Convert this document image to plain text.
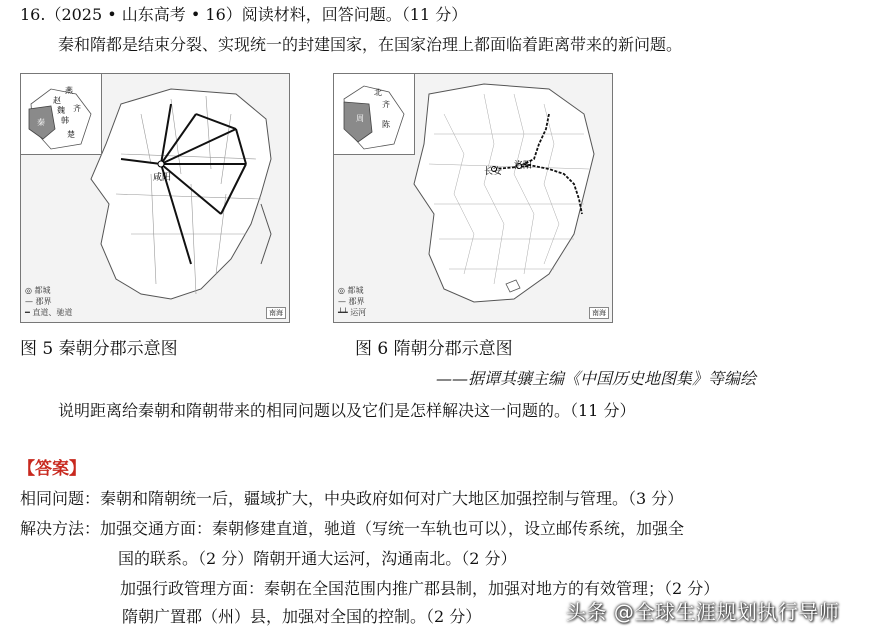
16.（2025 • 山东高考 • 16）阅读材料，回答问题。（11 分）
秦和隋都是结束分裂、实现统一的封建国家，在国家治理上都面临着距离带来的新问题。
燕
赵
魏 齐
韩
秦
楚
咸阳
◎ 都城
— 郡界
━ 直道、驰道	南海
北
齐
周
陈
长安
洛阳
◎ 都城
— 郡界
┷┷ 运河	南海
图 5 秦朝分郡示意图	图 6 隋朝分郡示意图
——据谭其骧主编《中国历史地图集》等编绘
说明距离给秦朝和隋朝带来的相同问题以及它们是怎样解决这一问题的。（11 分）
【答案】
相同问题：秦朝和隋朝统一后，疆域扩大，中央政府如何对广大地区加强控制与管理。（3 分）
解决方法：加强交通方面：秦朝修建直道，驰道（写统一车轨也可以），设立邮传系统，加强全
国的联系。（2 分）隋朝开通大运河，沟通南北。（2 分）
加强行政管理方面：秦朝在全国范围内推广郡县制，加强对地方的有效管理；（2 分）
隋朝广置郡（州）县，加强对全国的控制。（2 分）	头条 @全球生涯规划执行导师
